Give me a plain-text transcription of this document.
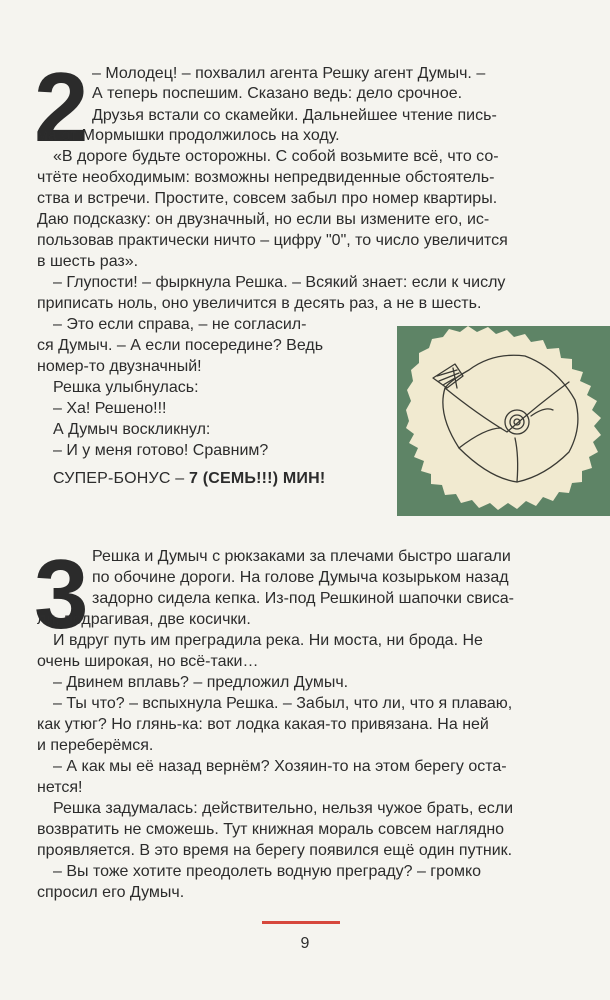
2 – Молодец! – похвалил агента Решку агент Думыч. –
А теперь поспешим. Сказано ведь: дело срочное.
Друзья встали со скамейки. Дальнейшее чтение пись-
ма от Мормышки продолжилось на ходу.
«В дороге будьте осторожны. С собой возьмите всё, что со-
чтёте необходимым: возможны непредвиденные обстоятель-
ства и встречи. Простите, совсем забыл про номер квартиры.
Даю подсказку: он двузначный, но если вы измените его, ис-
пользовав практически ничто – цифру "0", то число увеличится
в шесть раз».
– Глупости! – фыркнула Решка. – Всякий знает: если к числу
приписать ноль, оно увеличится в десять раз, а не в шесть.
– Это если справа, – не согласил-
ся Думыч. – А если посередине? Ведь
номер-то двузначный!
Решка улыбнулась:
– Ха! Решено!!!
А Думыч воскликнул:
– И у меня готово! Сравним?
СУПЕР-БОНУС – 7 (СЕМЬ!!!) МИН!
3 Решка и Думыч с рюкзаками за плечами быстро шагали
по обочине дороги. На голове Думыча козырьком назад
задорно сидела кепка. Из-под Решкиной шапочки свиса-
ли, подрагивая, две косички.
И вдруг путь им преградила река. Ни моста, ни брода. Не
очень широкая, но всё-таки…
– Двинем вплавь? – предложил Думыч.
– Ты что? – вспыхнула Решка. – Забыл, что ли, что я плаваю,
как утюг? Но глянь-ка: вот лодка какая-то привязана. На ней
и переберёмся.
– А как мы её назад вернём? Хозяин-то на этом берегу оста-
нется!
Решка задумалась: действительно, нельзя чужое брать, если
возвратить не сможешь. Тут книжная мораль совсем наглядно
проявляется. В это время на берегу появился ещё один путник.
– Вы тоже хотите преодолеть водную преграду? – громко
спросил его Думыч.
9
